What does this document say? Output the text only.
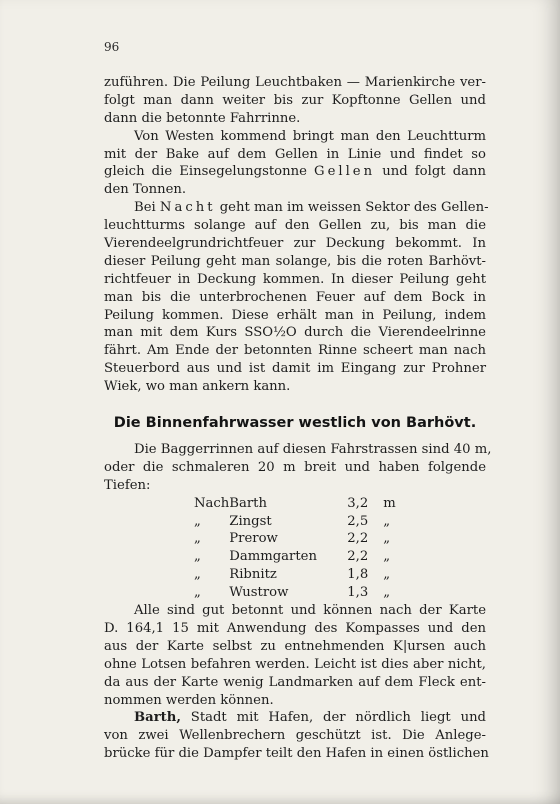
96
zuführen. Die Peilung Leuchtbaken — Marienkirche ver-
folgt man dann weiter bis zur Kopftonne Gellen und
dann die betonnte Fahrrinne.
Von Westen kommend bringt man den Leuchtturm
mit der Bake auf dem Gellen in Linie und findet so
gleich die Einsegelungstonne Gellen und folgt dann
den Tonnen.
Bei Nacht geht man im weissen Sektor des Gellen-
leuchtturms solange auf den Gellen zu, bis man die
Vierendeelgrundrichtfeuer zur Deckung bekommt. In
dieser Peilung geht man solange, bis die roten Barhövt-
richtfeuer in Deckung kommen. In dieser Peilung geht
man bis die unterbrochenen Feuer auf dem Bock in
Peilung kommen. Diese erhält man in Peilung, indem
man mit dem Kurs SSO½O durch die Vierendeelrinne
fährt. Am Ende der betonnten Rinne scheert man nach
Steuerbord aus und ist damit im Eingang zur Prohner
Wiek, wo man ankern kann.
Die Binnenfahrwasser westlich von Barhövt.
Die Baggerrinnen auf diesen Fahrstrassen sind 40 m,
oder die schmaleren 20 m breit und haben folgende
Tiefen:
Nach	Barth	3,2	m
„	Zingst	2,5	„
„	Prerow	2,2	„
„	Dammgarten	2,2	„
„	Ribnitz	1,8	„
„	Wustrow	1,3	„
Alle sind gut betonnt und können nach der Karte
D. 164,1 15 mit Anwendung des Kompasses und den
aus der Karte selbst zu entnehmenden K|ursen auch
ohne Lotsen befahren werden. Leicht ist dies aber nicht,
da aus der Karte wenig Landmarken auf dem Fleck ent-
nommen werden können.
Barth, Stadt mit Hafen, der nördlich liegt und
von zwei Wellenbrechern geschützt ist. Die Anlege-
brücke für die Dampfer teilt den Hafen in einen östlichen
